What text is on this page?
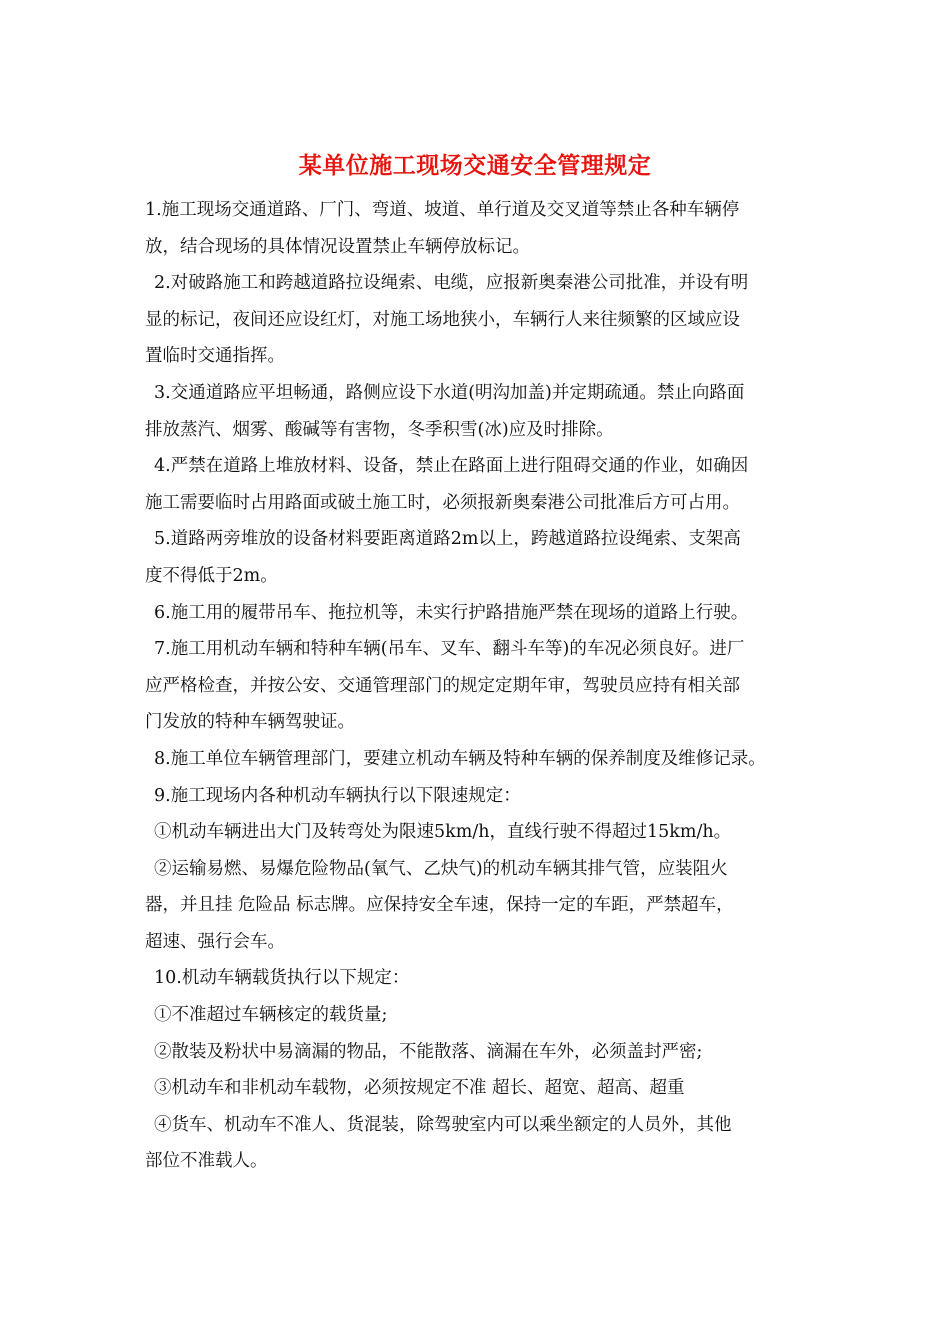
某单位施工现场交通安全管理规定
1.施工现场交通道路、厂门、弯道、坡道、单行道及交叉道等禁止各种车辆停
放，结合现场的具体情况设置禁止车辆停放标记。
2.对破路施工和跨越道路拉设绳索、电缆，应报新奥秦港公司批准，并设有明
显的标记，夜间还应设红灯，对施工场地狭小，车辆行人来往频繁的区域应设
置临时交通指挥。
3.交通道路应平坦畅通，路侧应设下水道(明沟加盖)并定期疏通。禁止向路面
排放蒸汽、烟雾、酸碱等有害物，冬季积雪(冰)应及时排除。
4.严禁在道路上堆放材料、设备，禁止在路面上进行阻碍交通的作业，如确因
施工需要临时占用路面或破土施工时，必须报新奥秦港公司批准后方可占用。
5.道路两旁堆放的设备材料要距离道路2m以上，跨越道路拉设绳索、支架高
度不得低于2m。
6.施工用的履带吊车、拖拉机等，未实行护路措施严禁在现场的道路上行驶。
7.施工用机动车辆和特种车辆(吊车、叉车、翻斗车等)的车况必须良好。进厂
应严格检查，并按公安、交通管理部门的规定定期年审，驾驶员应持有相关部
门发放的特种车辆驾驶证。
8.施工单位车辆管理部门，要建立机动车辆及特种车辆的保养制度及维修记录。
9.施工现场内各种机动车辆执行以下限速规定：
①机动车辆进出大门及转弯处为限速5km/h，直线行驶不得超过15km/h。
②运输易燃、易爆危险物品(氧气、乙炔气)的机动车辆其排气管，应装阻火
器，并且挂 危险品 标志牌。应保持安全车速，保持一定的车距，严禁超车，
超速、强行会车。
10.机动车辆载货执行以下规定：
①不准超过车辆核定的载货量;
②散装及粉状中易滴漏的物品，不能散落、滴漏在车外，必须盖封严密;
③机动车和非机动车载物，必须按规定不准 超长、超宽、超高、超重
④货车、机动车不准人、货混装，除驾驶室内可以乘坐额定的人员外，其他
部位不准载人。
